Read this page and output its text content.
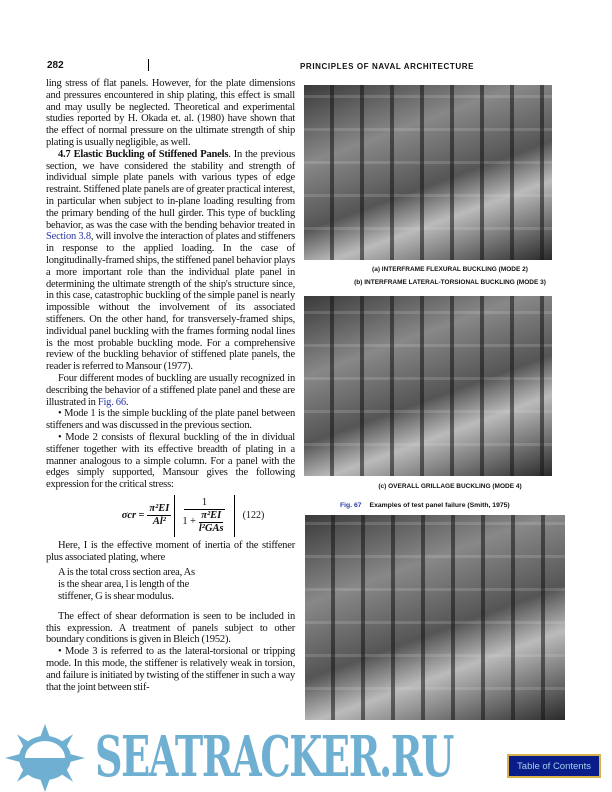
282	PRINCIPLES OF NAVAL ARCHITECTURE

ling stress of flat panels. However, for the plate dimensions and pressures encountered in ship plating, this effect is small and may usully be neglected. Theoretical and experimental studies reported by H. Okada et. al. (1980) have shown that the effect of normal pressure on the ultimate strength of ship plating is usually negligible, as well.

4.7 Elastic Buckling of Stiffened Panels. In the previous section, we have considered the stability and strength of individual simple plate panels with various types of edge restraint. Stiffened plate panels are of greater practical interest, in particular when subject to in-plane loading resulting from the primary bending of the hull girder. This type of buckling behavior, as was the case with the bending behavior treated in Section 3.8, will involve the interaction of plates and stiffeners in response to the applied loading. In the case of longitudinally-framed ships, the stiffened panel behavior plays a more important role than the individual plate panel in determining the ultimate strength of the ship's structure since, in this case, catastrophic buckling of the simple panel is nearly impossible without the involvement of its associated stiffeners. On the other hand, for transversely-framed ships, individual panel buckling with the frames forming nodal lines is the most probable buckling mode. For a comprehensive review of the buckling behavior of stiffened plate panels, the reader is referred to Mansour (1977).

Four different modes of buckling are usually recognized in describing the behavior of a stiffened plate panel and these are illustrated in Fig. 66.

• Mode 1 is the simple buckling of the plate panel between stiffeners and was discussed in the previous section.

• Mode 2 consists of flexural buckling of the in dividual stiffener together with its effective breadth of plating in a manner analogous to a simple column. For a panel with the edges simply supported, Mansour gives the following expression for the critical stress:

$\sigma cr = \frac{\text{π²EI}}{\text{Al²}} \frac{1}{1 + \frac{\text{π²EI}}{\text{l²GAs}}} (122)$

Here, I is the effective moment of inertia of the stiffener plus associated plating, where

A is the total cross section area, As
is the shear area, l is length of the
stiffener, G is shear modulus.

The effect of shear deformation is seen to be included in this expression. A treatment of panels subject to other boundary conditions is given in Bleich (1952).

• Mode 3 is referred to as the lateral-torsional or tripping mode. In this mode, the stiffener is relatively weak in torsion, and failure is initiated by twisting of the stiffener in such a way that the joint between stif-

(a) INTERFRAME FLEXURAL BUCKLING (MODE 2)
(b) INTERFRAME LATERAL-TORSIONAL BUCKLING (MODE 3)
(c) OVERALL GRILLAGE BUCKLING (MODE 4)
Fig. 67 Examples of test panel failure (Smith, 1975)
SEATRACKER.RU	Table of Contents
